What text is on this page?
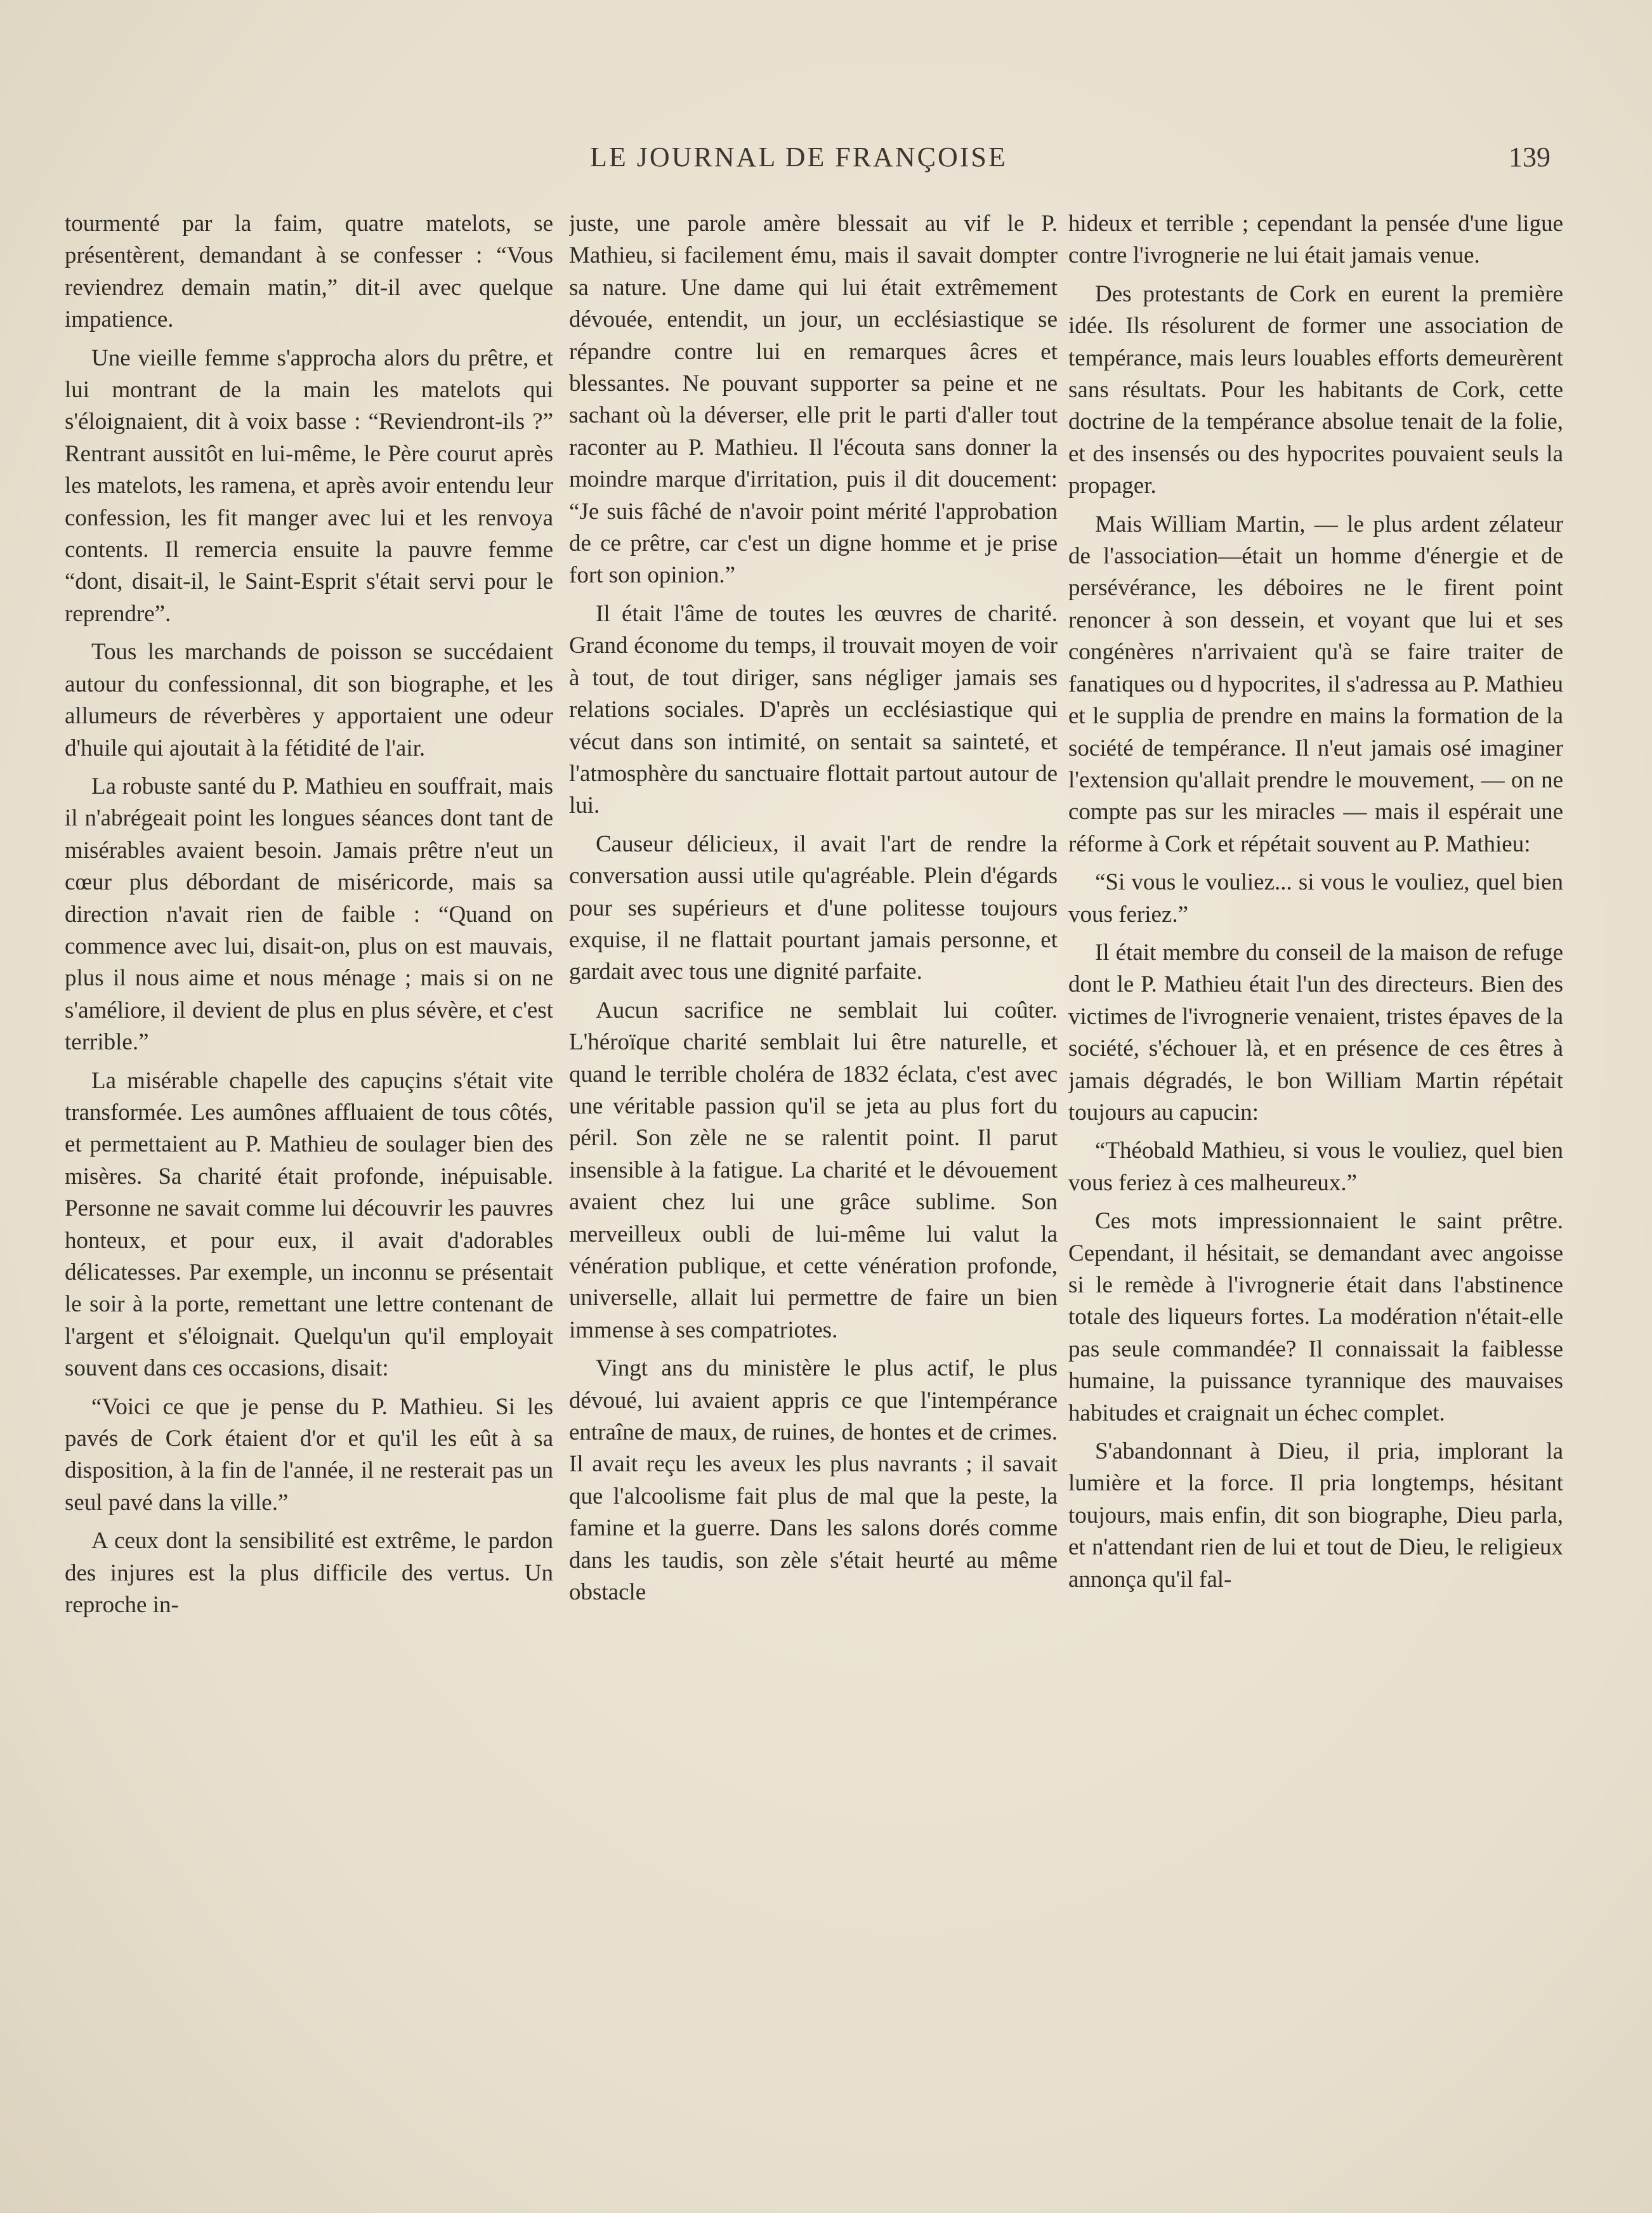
LE JOURNAL DE FRANÇOISE	139

tourmenté par la faim, quatre matelots, se présentèrent, demandant à se confesser : “Vous reviendrez demain matin,” dit-il avec quelque impatience.

Une vieille femme s'approcha alors du prêtre, et lui montrant de la main les matelots qui s'éloignaient, dit à voix basse : “Reviendront-ils ?” Rentrant aussitôt en lui-même, le Père courut après les matelots, les ramena, et après avoir entendu leur confession, les fit manger avec lui et les renvoya contents. Il remercia ensuite la pauvre femme “dont, disait-il, le Saint-Esprit s'était servi pour le reprendre”.

Tous les marchands de poisson se succédaient autour du confessionnal, dit son biographe, et les allumeurs de réverbères y apportaient une odeur d'huile qui ajoutait à la fétidité de l'air.

La robuste santé du P. Mathieu en souffrait, mais il n'abrégeait point les longues séances dont tant de misérables avaient besoin. Jamais prêtre n'eut un cœur plus débordant de miséricorde, mais sa direction n'avait rien de faible : “Quand on commence avec lui, disait-on, plus on est mauvais, plus il nous aime et nous ménage ; mais si on ne s'améliore, il devient de plus en plus sévère, et c'est terrible.”

La misérable chapelle des capuçins s'était vite transformée. Les aumônes affluaient de tous côtés, et permettaient au P. Mathieu de soulager bien des misères. Sa charité était profonde, inépuisable. Personne ne savait comme lui découvrir les pauvres honteux, et pour eux, il avait d'adorables délicatesses. Par exemple, un inconnu se présentait le soir à la porte, remettant une lettre contenant de l'argent et s'éloignait. Quelqu'un qu'il employait souvent dans ces occasions, disait:

“Voici ce que je pense du P. Mathieu. Si les pavés de Cork étaient d'or et qu'il les eût à sa disposition, à la fin de l'année, il ne resterait pas un seul pavé dans la ville.”

A ceux dont la sensibilité est extrême, le pardon des injures est la plus difficile des vertus. Un reproche in-

juste, une parole amère blessait au vif le P. Mathieu, si facilement ému, mais il savait dompter sa nature. Une dame qui lui était extrêmement dévouée, entendit, un jour, un ecclésiastique se répandre contre lui en remarques âcres et blessantes. Ne pouvant supporter sa peine et ne sachant où la déverser, elle prit le parti d'aller tout raconter au P. Mathieu. Il l'écouta sans donner la moindre marque d'irritation, puis il dit doucement: “Je suis fâché de n'avoir point mérité l'approbation de ce prêtre, car c'est un digne homme et je prise fort son opinion.”

Il était l'âme de toutes les œuvres de charité. Grand économe du temps, il trouvait moyen de voir à tout, de tout diriger, sans négliger jamais ses relations sociales. D'après un ecclésiastique qui vécut dans son intimité, on sentait sa sainteté, et l'atmosphère du sanctuaire flottait partout autour de lui.

Causeur délicieux, il avait l'art de rendre la conversation aussi utile qu'agréable. Plein d'égards pour ses supérieurs et d'une politesse toujours exquise, il ne flattait pourtant jamais personne, et gardait avec tous une dignité parfaite.

Aucun sacrifice ne semblait lui coûter. L'héroïque charité semblait lui être naturelle, et quand le terrible choléra de 1832 éclata, c'est avec une véritable passion qu'il se jeta au plus fort du péril. Son zèle ne se ralentit point. Il parut insensible à la fatigue. La charité et le dévouement avaient chez lui une grâce sublime. Son merveilleux oubli de lui-même lui valut la vénération publique, et cette vénération profonde, universelle, allait lui permettre de faire un bien immense à ses compatriotes.

Vingt ans du ministère le plus actif, le plus dévoué, lui avaient appris ce que l'intempérance entraîne de maux, de ruines, de hontes et de crimes. Il avait reçu les aveux les plus navrants ; il savait que l'alcoolisme fait plus de mal que la peste, la famine et la guerre. Dans les salons dorés comme dans les taudis, son zèle s'était heurté au même obstacle

hideux et terrible ; cependant la pensée d'une ligue contre l'ivrognerie ne lui était jamais venue.

Des protestants de Cork en eurent la première idée. Ils résolurent de former une association de tempérance, mais leurs louables efforts demeurèrent sans résultats. Pour les habitants de Cork, cette doctrine de la tempérance absolue tenait de la folie, et des insensés ou des hypocrites pouvaient seuls la propager.

Mais William Martin, — le plus ardent zélateur de l'association—était un homme d'énergie et de persévérance, les déboires ne le firent point renoncer à son dessein, et voyant que lui et ses congénères n'arrivaient qu'à se faire traiter de fanatiques ou d hypocrites, il s'adressa au P. Mathieu et le supplia de prendre en mains la formation de la société de tempérance. Il n'eut jamais osé imaginer l'extension qu'allait prendre le mouvement, — on ne compte pas sur les miracles — mais il espérait une réforme à Cork et répétait souvent au P. Mathieu:

“Si vous le vouliez... si vous le vouliez, quel bien vous feriez.”

Il était membre du conseil de la maison de refuge dont le P. Mathieu était l'un des directeurs. Bien des victimes de l'ivrognerie venaient, tristes épaves de la société, s'échouer là, et en présence de ces êtres à jamais dégradés, le bon William Martin répétait toujours au capucin:

“Théobald Mathieu, si vous le vouliez, quel bien vous feriez à ces malheureux.”

Ces mots impressionnaient le saint prêtre. Cependant, il hésitait, se demandant avec angoisse si le remède à l'ivrognerie était dans l'abstinence totale des liqueurs fortes. La modération n'était-elle pas seule commandée? Il connaissait la faiblesse humaine, la puissance tyrannique des mauvaises habitudes et craignait un échec complet.

S'abandonnant à Dieu, il pria, implorant la lumière et la force. Il pria longtemps, hésitant toujours, mais enfin, dit son biographe, Dieu parla, et n'attendant rien de lui et tout de Dieu, le religieux annonça qu'il fal-
